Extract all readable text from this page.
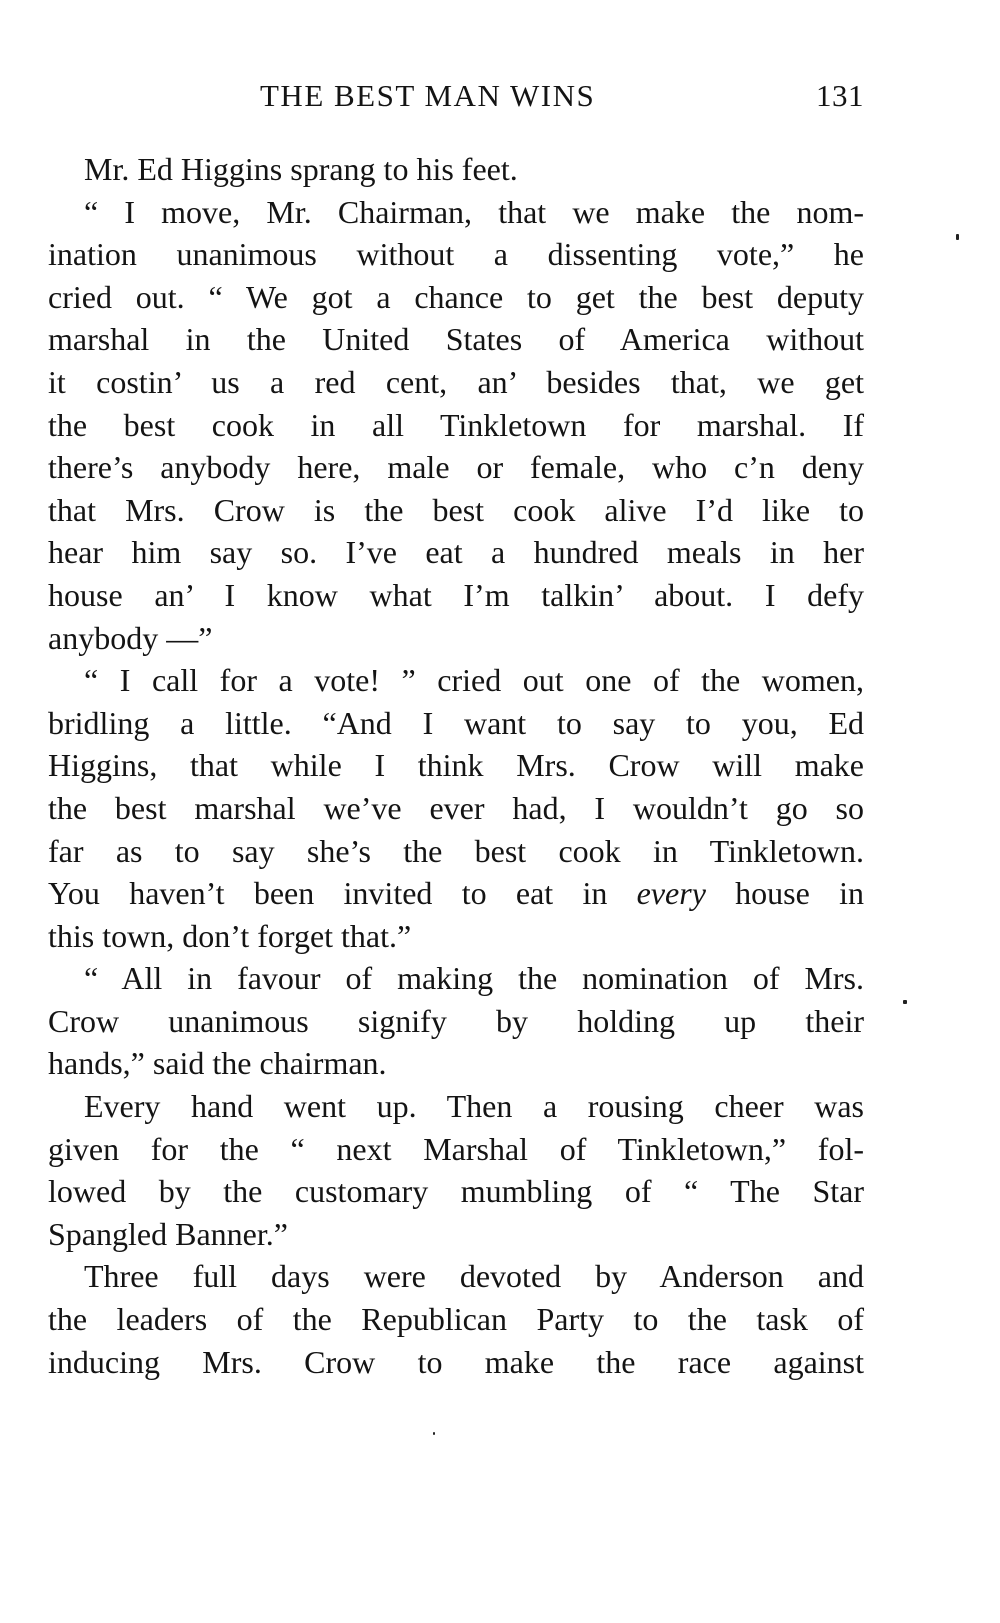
THE BEST MAN WINS	131
Mr. Ed Higgins sprang to his feet.
“ I move, Mr. Chairman, that we make the nom-
ination unanimous without a dissenting vote,” he
cried out. “ We got a chance to get the best deputy
marshal in the United States of America without
it costin’ us a red cent, an’ besides that, we get
the best cook in all Tinkletown for marshal. If
there’s anybody here, male or female, who c’n deny
that Mrs. Crow is the best cook alive I’d like to
hear him say so. I’ve eat a hundred meals in her
house an’ I know what I’m talkin’ about. I defy
anybody —”
“ I call for a vote! ” cried out one of the women,
bridling a little. “And I want to say to you, Ed
Higgins, that while I think Mrs. Crow will make
the best marshal we’ve ever had, I wouldn’t go so
far as to say she’s the best cook in Tinkletown.
You haven’t been invited to eat in every house in
this town, don’t forget that.”
“ All in favour of making the nomination of Mrs.
Crow unanimous signify by holding up their
hands,” said the chairman.
Every hand went up. Then a rousing cheer was
given for the “ next Marshal of Tinkletown,” fol-
lowed by the customary mumbling of “ The Star
Spangled Banner.”
Three full days were devoted by Anderson and
the leaders of the Republican Party to the task of
inducing Mrs. Crow to make the race against
